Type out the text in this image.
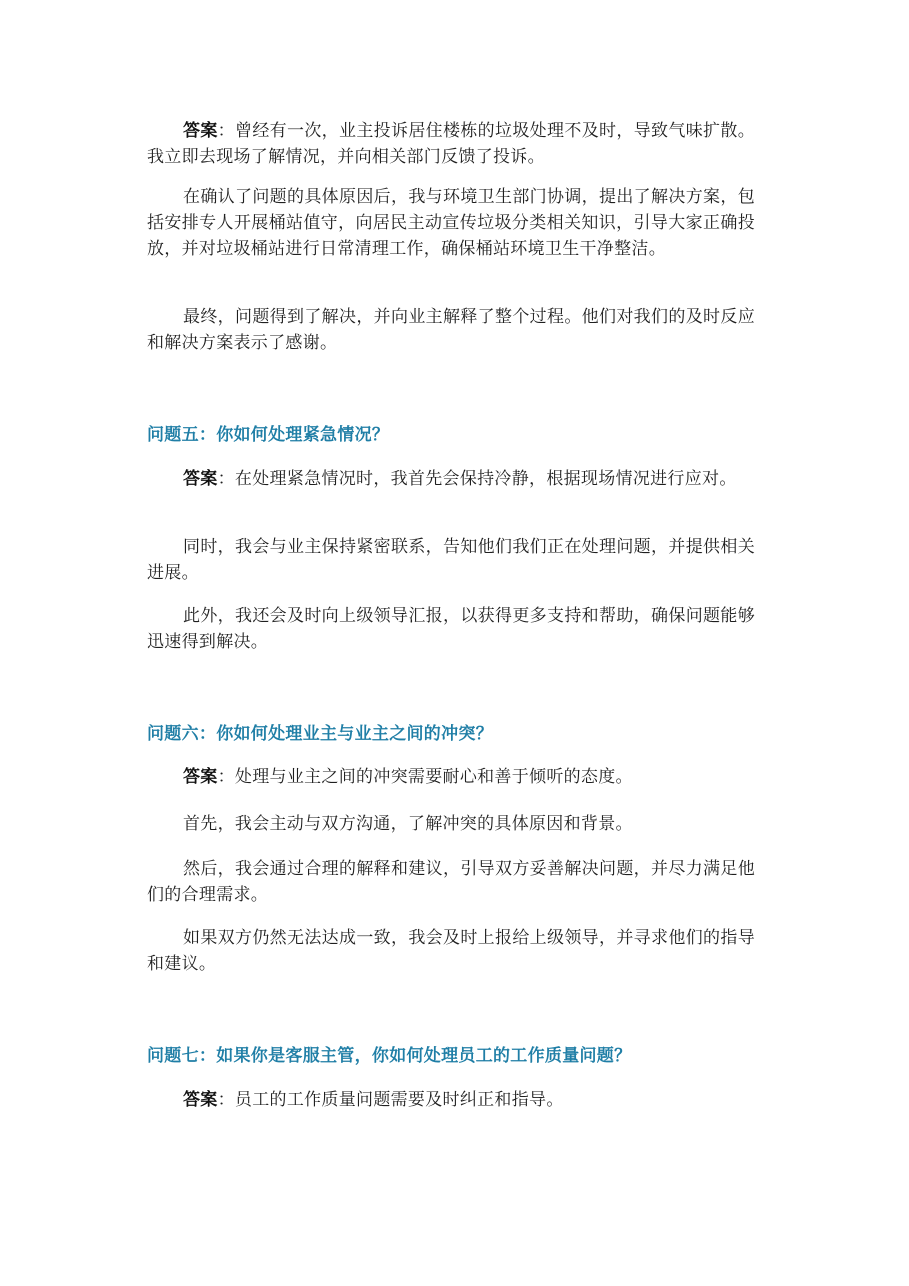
答案：曾经有一次，业主投诉居住楼栋的垃圾处理不及时，导致气味扩散。我立即去现场了解情况，并向相关部门反馈了投诉。

在确认了问题的具体原因后，我与环境卫生部门协调，提出了解决方案，包括安排专人开展桶站值守，向居民主动宣传垃圾分类相关知识，引导大家正确投放，并对垃圾桶站进行日常清理工作，确保桶站环境卫生干净整洁。

最终，问题得到了解决，并向业主解释了整个过程。他们对我们的及时反应和解决方案表示了感谢。

问题五：你如何处理紧急情况？

答案：在处理紧急情况时，我首先会保持冷静，根据现场情况进行应对。

同时，我会与业主保持紧密联系，告知他们我们正在处理问题，并提供相关进展。

此外，我还会及时向上级领导汇报，以获得更多支持和帮助，确保问题能够迅速得到解决。

问题六：你如何处理业主与业主之间的冲突？

答案：处理与业主之间的冲突需要耐心和善于倾听的态度。

首先，我会主动与双方沟通，了解冲突的具体原因和背景。

然后，我会通过合理的解释和建议，引导双方妥善解决问题，并尽力满足他们的合理需求。

如果双方仍然无法达成一致，我会及时上报给上级领导，并寻求他们的指导和建议。

问题七：如果你是客服主管，你如何处理员工的工作质量问题？

答案：员工的工作质量问题需要及时纠正和指导。
